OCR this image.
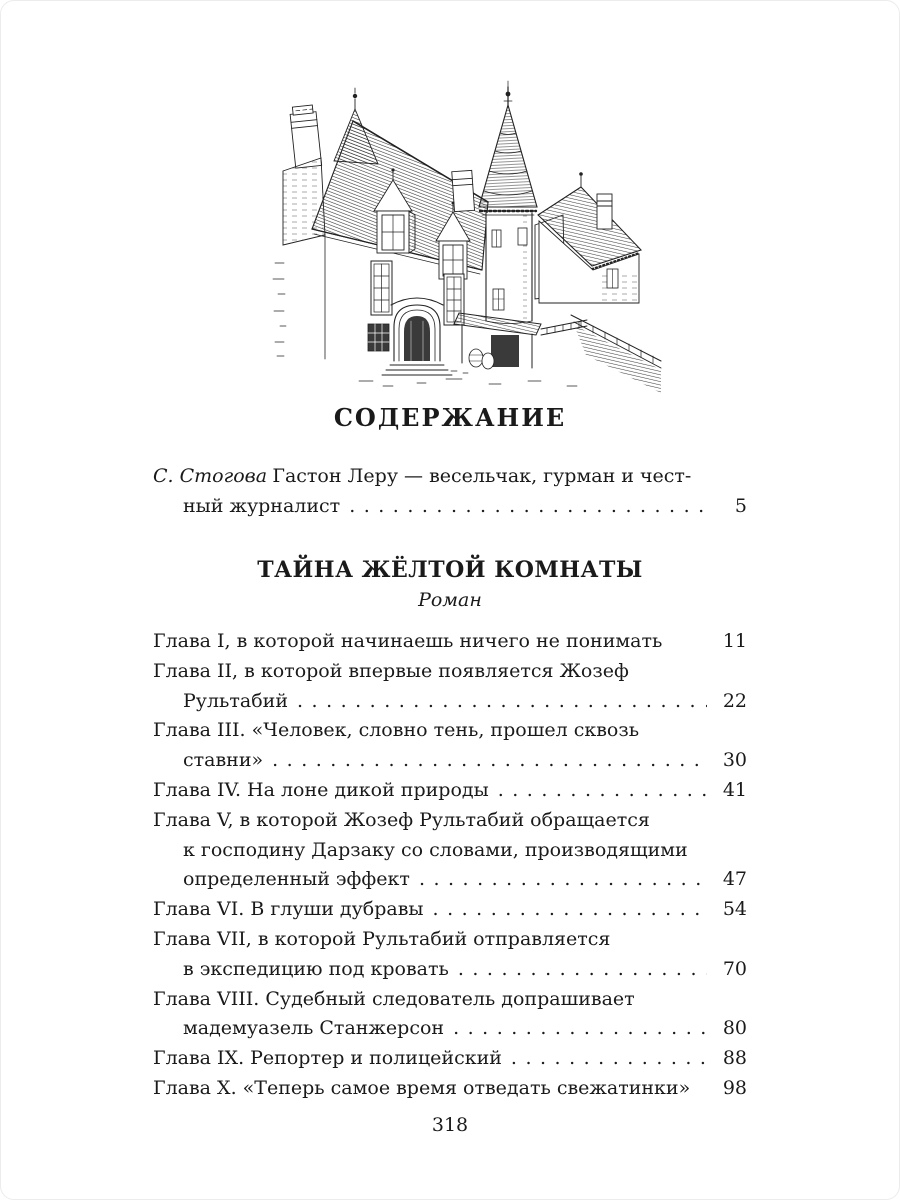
СОДЕРЖАНИЕ
С. Стогова Гастон Леру — весельчак, гурман и чест-
ный журналист .....	5
ТАЙНА ЖЁЛТОЙ КОМНАТЫ
Роман
Глава I, в которой начинаешь ничего не понимать	11
Глава II, в которой впервые появляется Жозеф
Рультабий .....	22
Глава III. «Человек, словно тень, прошел сквозь
ставни» .....	30
Глава IV. На лоне дикой природы .....	41
Глава V, в которой Жозеф Рультабий обращается
к господину Дарзаку со словами, производящими
определенный эффект .....	47
Глава VI. В глуши дубравы .....	54
Глава VII, в которой Рультабий отправляется
в экспедицию под кровать .....	70
Глава VIII. Судебный следователь допрашивает
мадемуазель Станжерсон .....	80
Глава IX. Репортер и полицейский .....	88
Глава X. «Теперь самое время отведать свежатинки»	98
318
